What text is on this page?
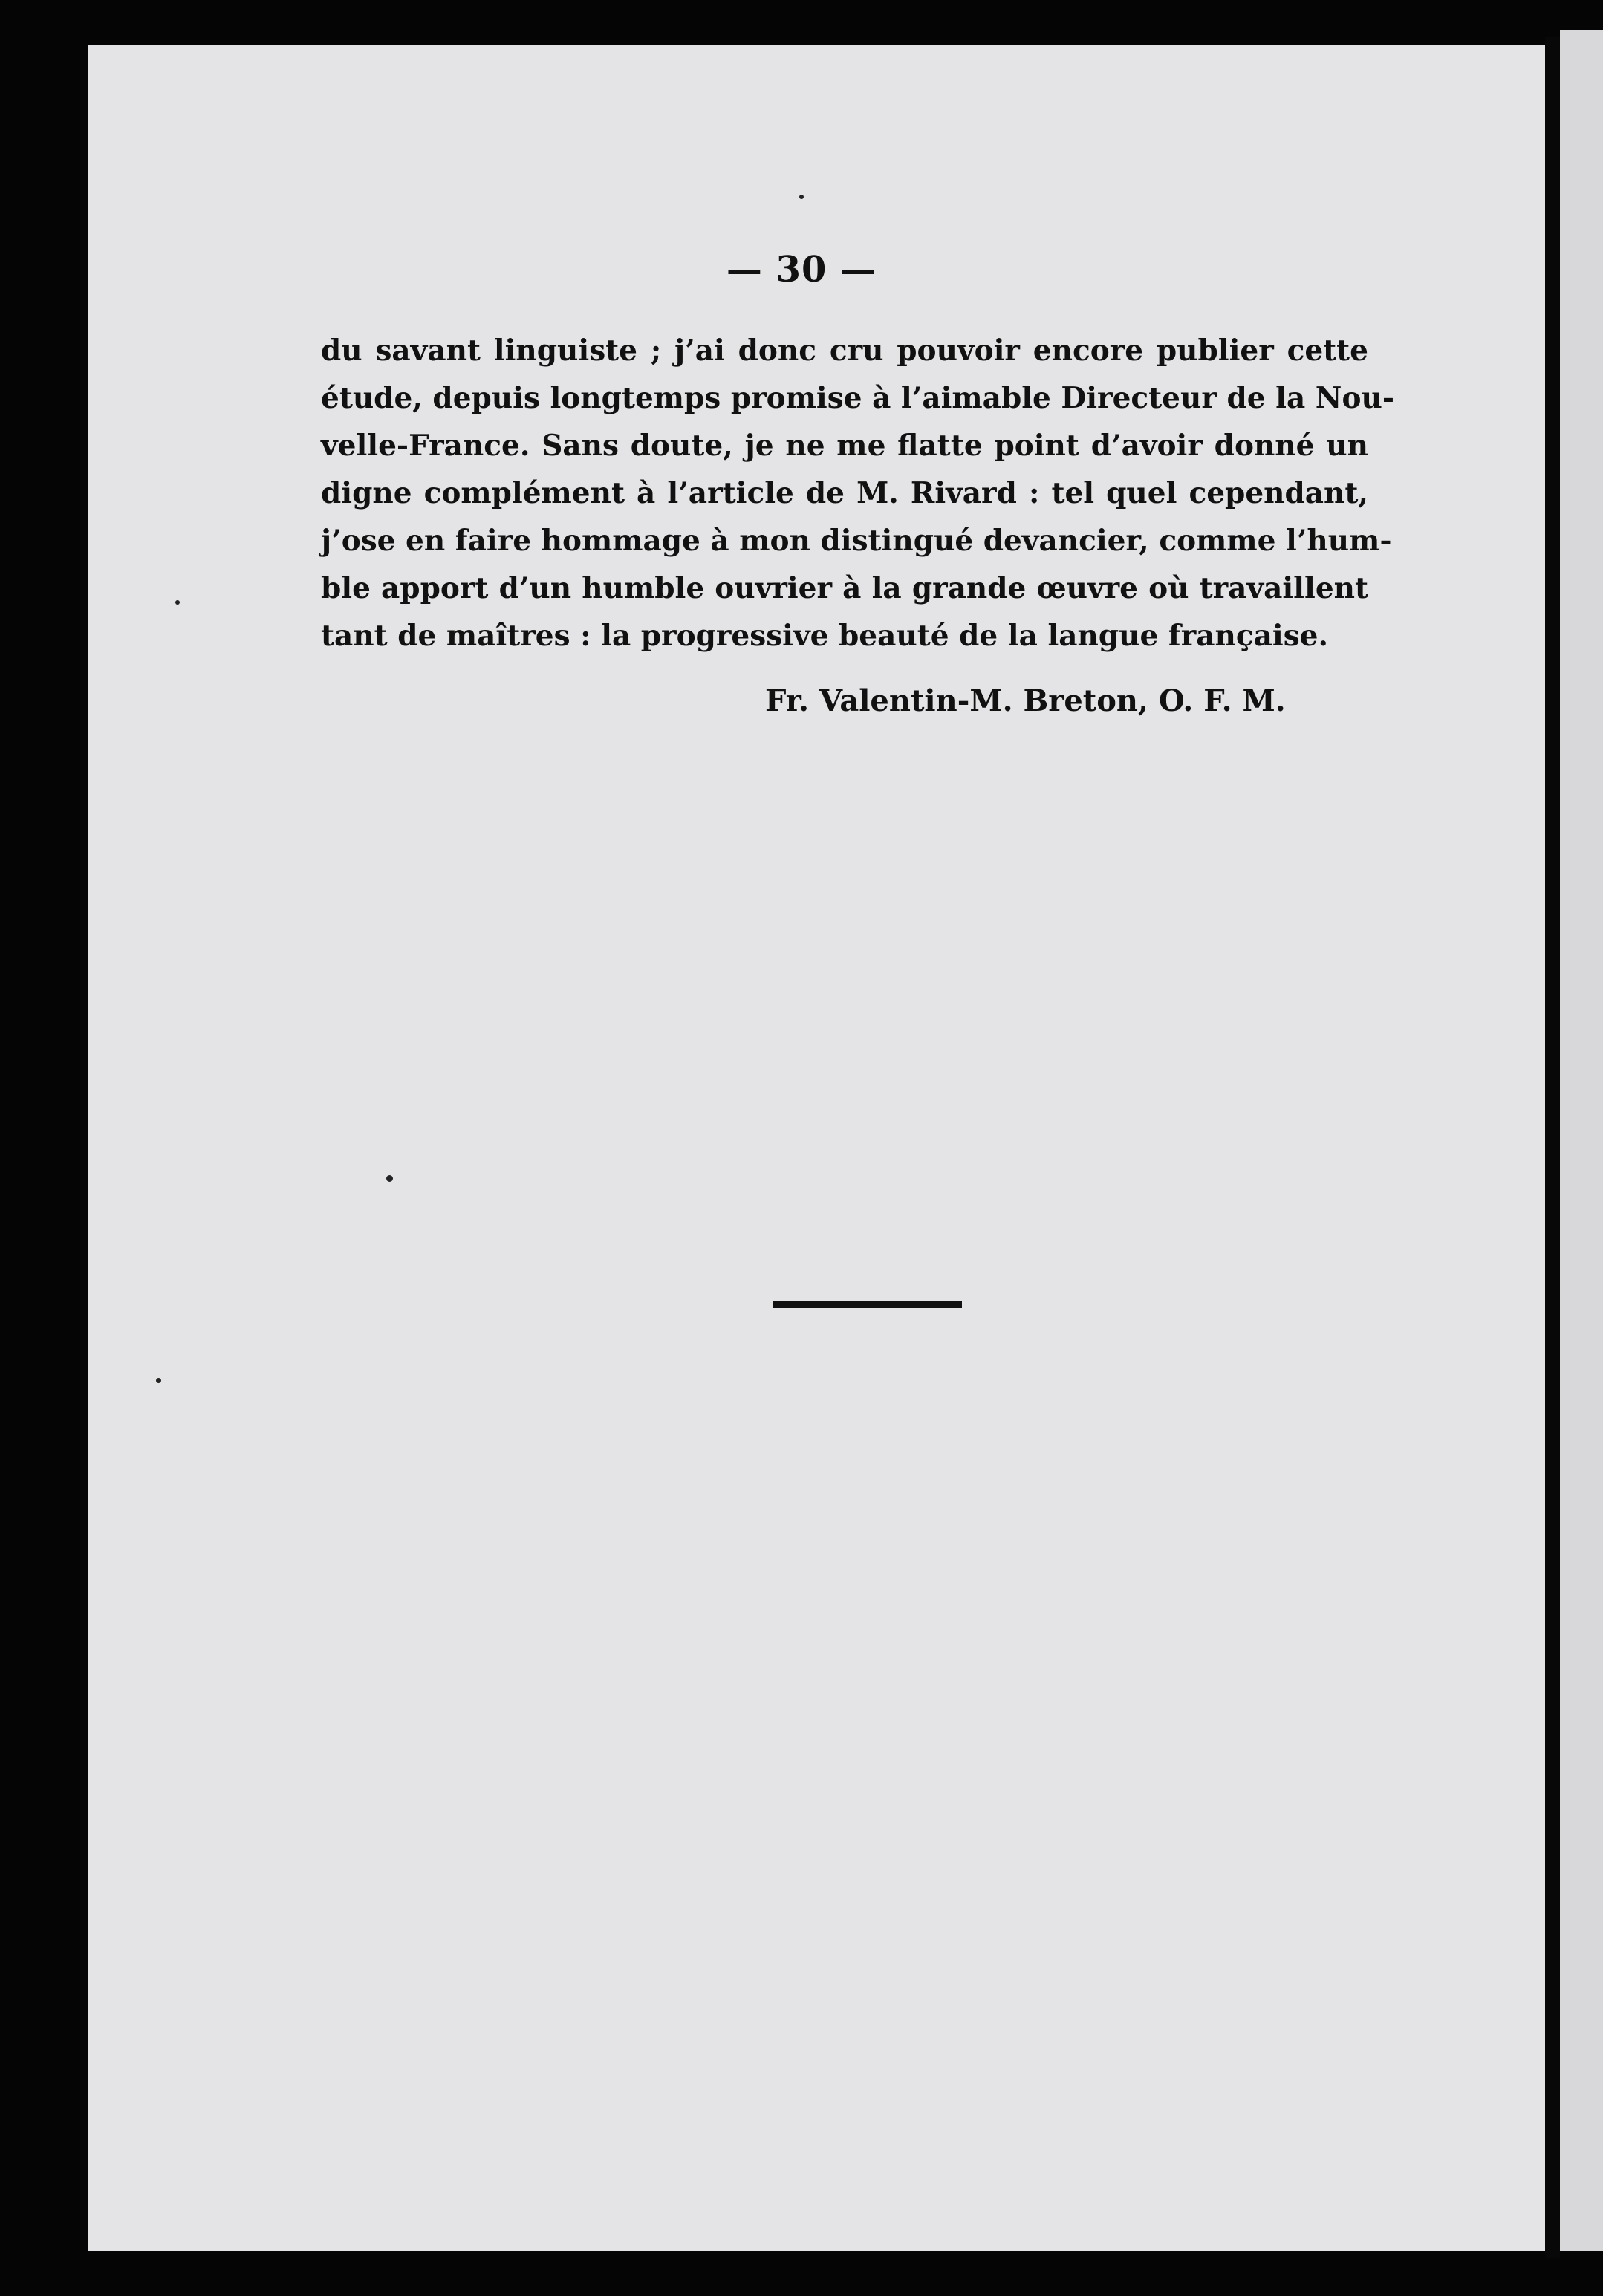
— 30 —
du savant linguiste ; j’ai donc cru pouvoir encore publier cette
étude, depuis longtemps promise à l’aimable Directeur de la Nou-
velle-France. Sans doute, je ne me flatte point d’avoir donné un
digne complément à l’article de M. Rivard : tel quel cependant,
j’ose en faire hommage à mon distingué devancier, comme l’hum-
ble apport d’un humble ouvrier à la grande œuvre où travaillent
tant de maîtres : la progressive beauté de la langue française.
Fr. Valentin-M. Breton, O. F. M.
